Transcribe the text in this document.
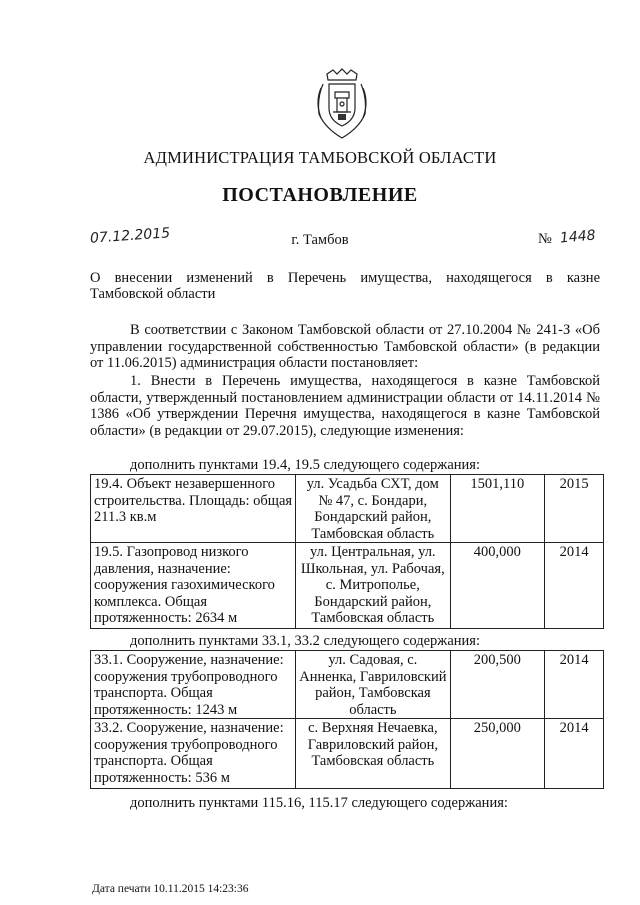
АДМИНИСТРАЦИЯ ТАМБОВСКОЙ ОБЛАСТИ
ПОСТАНОВЛЕНИЕ
07.12.2015	г. Тамбов	№ 1448
О внесении изменений в Перечень имущества, находящегося в казне
Тамбовской области
В соответствии с Законом Тамбовской области от 27.10.2004 № 241-З «Об управлении государственной собственностью Тамбовской области» (в редакции от 11.06.2015) администрация области постановляет:
1. Внести в Перечень имущества, находящегося в казне Тамбовской области, утвержденный постановлением администрации области от 14.11.2014 № 1386 «Об утверждении Перечня имущества, находящегося в казне Тамбовской области» (в редакции от 29.07.2015), следующие изменения:
дополнить пунктами 19.4, 19.5 следующего содержания:
19.4. Объект незавершенного строительства. Площадь: общая 211.3 кв.м	ул. Усадьба СХТ, дом № 47, с. Бондари, Бондарский район, Тамбовская область	1501,110	2015
19.5. Газопровод низкого давления, назначение: сооружения газохимического комплекса. Общая протяженность: 2634 м	ул. Центральная, ул. Школьная, ул. Рабочая, с. Митрополье, Бондарский район, Тамбовская область	400,000	2014
дополнить пунктами 33.1, 33.2 следующего содержания:
33.1. Сооружение, назначение: сооружения трубопроводного транспорта. Общая протяженность: 1243 м	ул. Садовая, с. Анненка, Гавриловский район, Тамбовская область	200,500	2014
33.2. Сооружение, назначение: сооружения трубопроводного транспорта. Общая протяженность: 536 м	с. Верхняя Нечаевка, Гавриловский район, Тамбовская область	250,000	2014
дополнить пунктами 115.16, 115.17 следующего содержания:
Дата печати 10.11.2015 14:23:36
